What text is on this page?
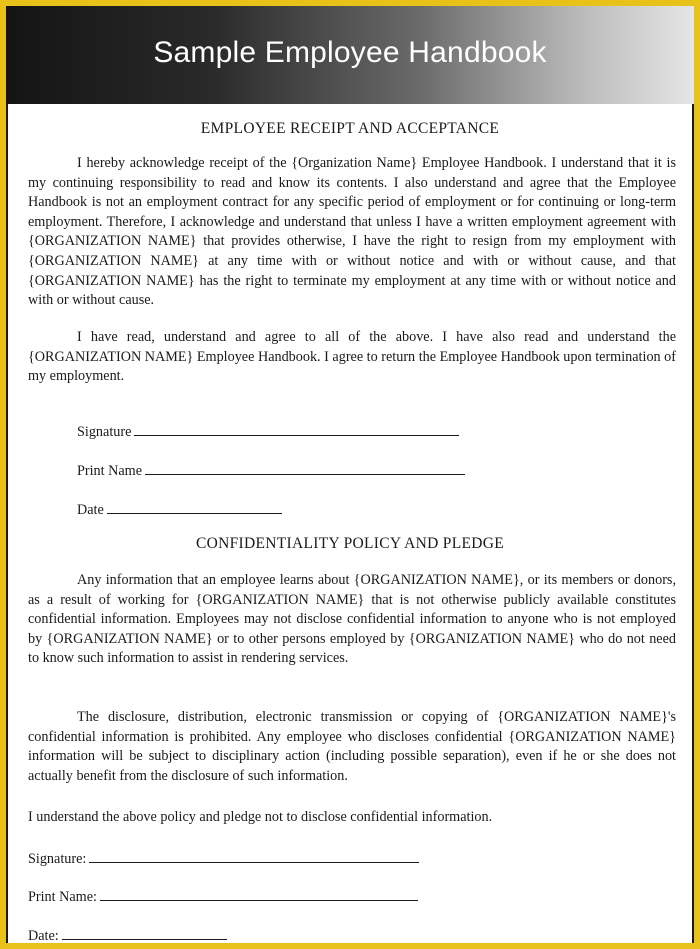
Sample Employee Handbook
EMPLOYEE RECEIPT AND ACCEPTANCE
I hereby acknowledge receipt of the {Organization Name} Employee Handbook. I understand that it is my continuing responsibility to read and know its contents. I also understand and agree that the Employee Handbook is not an employment contract for any specific period of employment or for continuing or long-term employment. Therefore, I acknowledge and understand that unless I have a written employment agreement with {ORGANIZATION NAME} that provides otherwise, I have the right to resign from my employment with {ORGANIZATION NAME} at any time with or without notice and with or without cause, and that {ORGANIZATION NAME} has the right to terminate my employment at any time with or without notice and with or without cause.
I have read, understand and agree to all of the above. I have also read and understand the {ORGANIZATION NAME} Employee Handbook. I agree to return the Employee Handbook upon termination of my employment.
Signature
Print Name
Date
CONFIDENTIALITY POLICY AND PLEDGE
Any information that an employee learns about {ORGANIZATION NAME}, or its members or donors, as a result of working for {ORGANIZATION NAME} that is not otherwise publicly available constitutes confidential information. Employees may not disclose confidential information to anyone who is not employed by {ORGANIZATION NAME} or to other persons employed by {ORGANIZATION NAME} who do not need to know such information to assist in rendering services.
The disclosure, distribution, electronic transmission or copying of {ORGANIZATION NAME}'s confidential information is prohibited. Any employee who discloses confidential {ORGANIZATION NAME} information will be subject to disciplinary action (including possible separation), even if he or she does not actually benefit from the disclosure of such information.
I understand the above policy and pledge not to disclose confidential information.
Signature:
Print Name:
Date:
